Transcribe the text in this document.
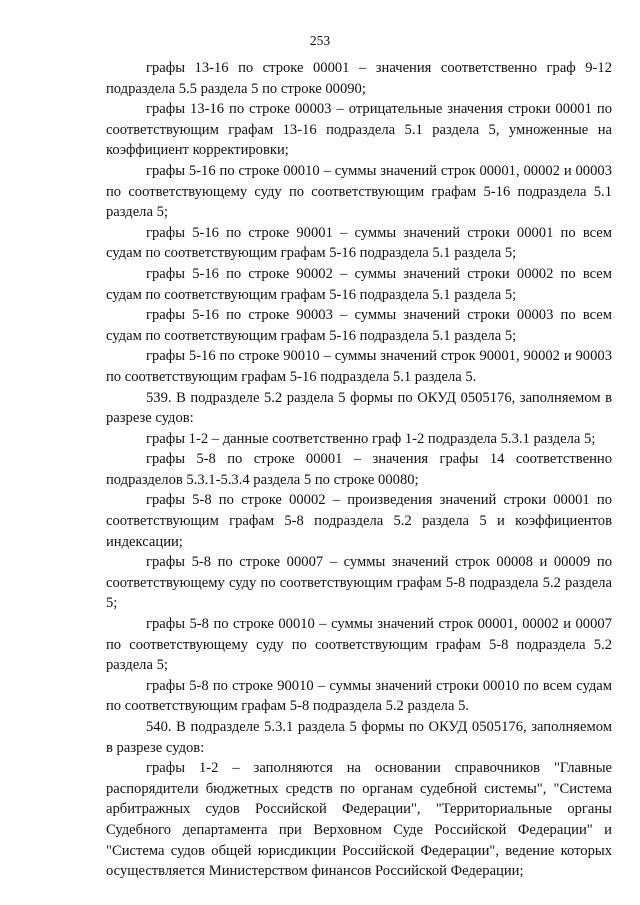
253

графы 13-16 по строке 00001 – значения соответственно граф 9-12 подраздела 5.5 раздела 5 по строке 00090;

графы 13-16 по строке 00003 – отрицательные значения строки 00001 по соответствующим графам 13-16 подраздела 5.1 раздела 5, умноженные на коэффициент корректировки;

графы 5-16 по строке 00010 – суммы значений строк 00001, 00002 и 00003 по соответствующему суду по соответствующим графам 5-16 подраздела 5.1 раздела 5;

графы 5-16 по строке 90001 – суммы значений строки 00001 по всем судам по соответствующим графам 5-16 подраздела 5.1 раздела 5;

графы 5-16 по строке 90002 – суммы значений строки 00002 по всем судам по соответствующим графам 5-16 подраздела 5.1 раздела 5;

графы 5-16 по строке 90003 – суммы значений строки 00003 по всем судам по соответствующим графам 5-16 подраздела 5.1 раздела 5;

графы 5-16 по строке 90010 – суммы значений строк 90001, 90002 и 90003 по соответствующим графам 5-16 подраздела 5.1 раздела 5.

539. В подразделе 5.2 раздела 5 формы по ОКУД 0505176, заполняемом в разрезе судов:

графы 1-2 – данные соответственно граф 1-2 подраздела 5.3.1 раздела 5;

графы 5-8 по строке 00001 – значения графы 14 соответственно подразделов 5.3.1-5.3.4 раздела 5 по строке 00080;

графы 5-8 по строке 00002 – произведения значений строки 00001 по соответствующим графам 5-8 подраздела 5.2 раздела 5 и коэффициентов индексации;

графы 5-8 по строке 00007 – суммы значений строк 00008 и 00009 по соответствующему суду по соответствующим графам 5-8 подраздела 5.2 раздела 5;

графы 5-8 по строке 00010 – суммы значений строк 00001, 00002 и 00007 по соответствующему суду по соответствующим графам 5-8 подраздела 5.2 раздела 5;

графы 5-8 по строке 90010 – суммы значений строки 00010 по всем судам по соответствующим графам 5-8 подраздела 5.2 раздела 5.

540. В подразделе 5.3.1 раздела 5 формы по ОКУД 0505176, заполняемом в разрезе судов:

графы 1-2 – заполняются на основании справочников "Главные распорядители бюджетных средств по органам судебной системы", "Система арбитражных судов Российской Федерации", "Территориальные органы Судебного департамента при Верховном Суде Российской Федерации" и "Система судов общей юрисдикции Российской Федерации", ведение которых осуществляется Министерством финансов Российской Федерации;
